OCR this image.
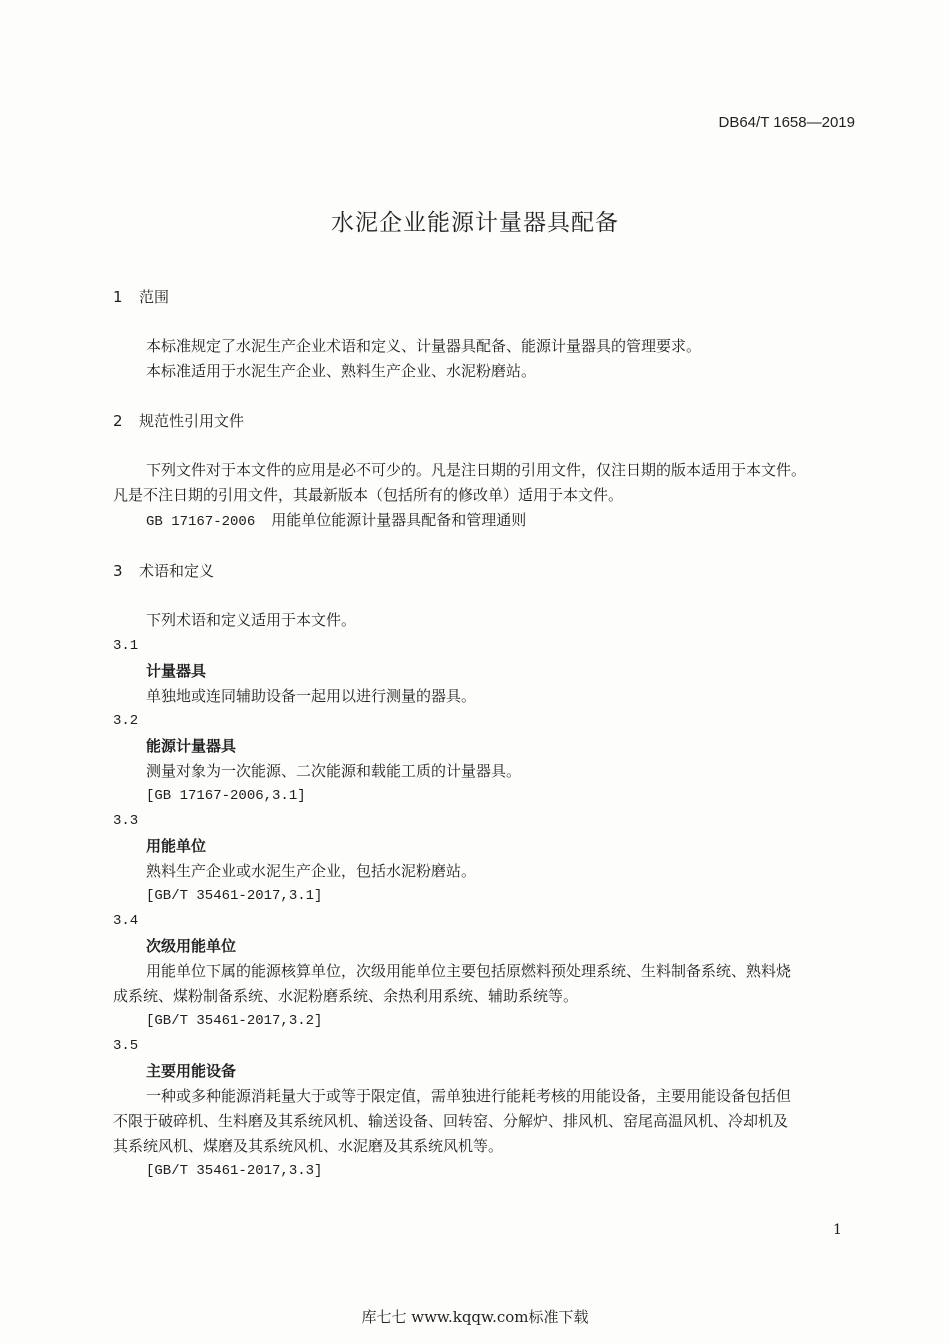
DB64/T 1658—2019
水泥企业能源计量器具配备
1 范围
本标准规定了水泥生产企业术语和定义、计量器具配备、能源计量器具的管理要求。
本标准适用于水泥生产企业、熟料生产企业、水泥粉磨站。
2 规范性引用文件
下列文件对于本文件的应用是必不可少的。凡是注日期的引用文件，仅注日期的版本适用于本文件。
凡是不注日期的引用文件，其最新版本（包括所有的修改单）适用于本文件。
GB 17167-2006 用能单位能源计量器具配备和管理通则
3 术语和定义
下列术语和定义适用于本文件。
3.1
计量器具
单独地或连同辅助设备一起用以进行测量的器具。
3.2
能源计量器具
测量对象为一次能源、二次能源和载能工质的计量器具。
[GB 17167-2006,3.1]
3.3
用能单位
熟料生产企业或水泥生产企业，包括水泥粉磨站。
[GB/T 35461-2017,3.1]
3.4
次级用能单位
用能单位下属的能源核算单位，次级用能单位主要包括原燃料预处理系统、生料制备系统、熟料烧
成系统、煤粉制备系统、水泥粉磨系统、余热利用系统、辅助系统等。
[GB/T 35461-2017,3.2]
3.5
主要用能设备
一种或多种能源消耗量大于或等于限定值，需单独进行能耗考核的用能设备，主要用能设备包括但
不限于破碎机、生料磨及其系统风机、输送设备、回转窑、分解炉、排风机、窑尾高温风机、冷却机及
其系统风机、煤磨及其系统风机、水泥磨及其系统风机等。
[GB/T 35461-2017,3.3]
1
库七七 www.kqqw.com标准下载
